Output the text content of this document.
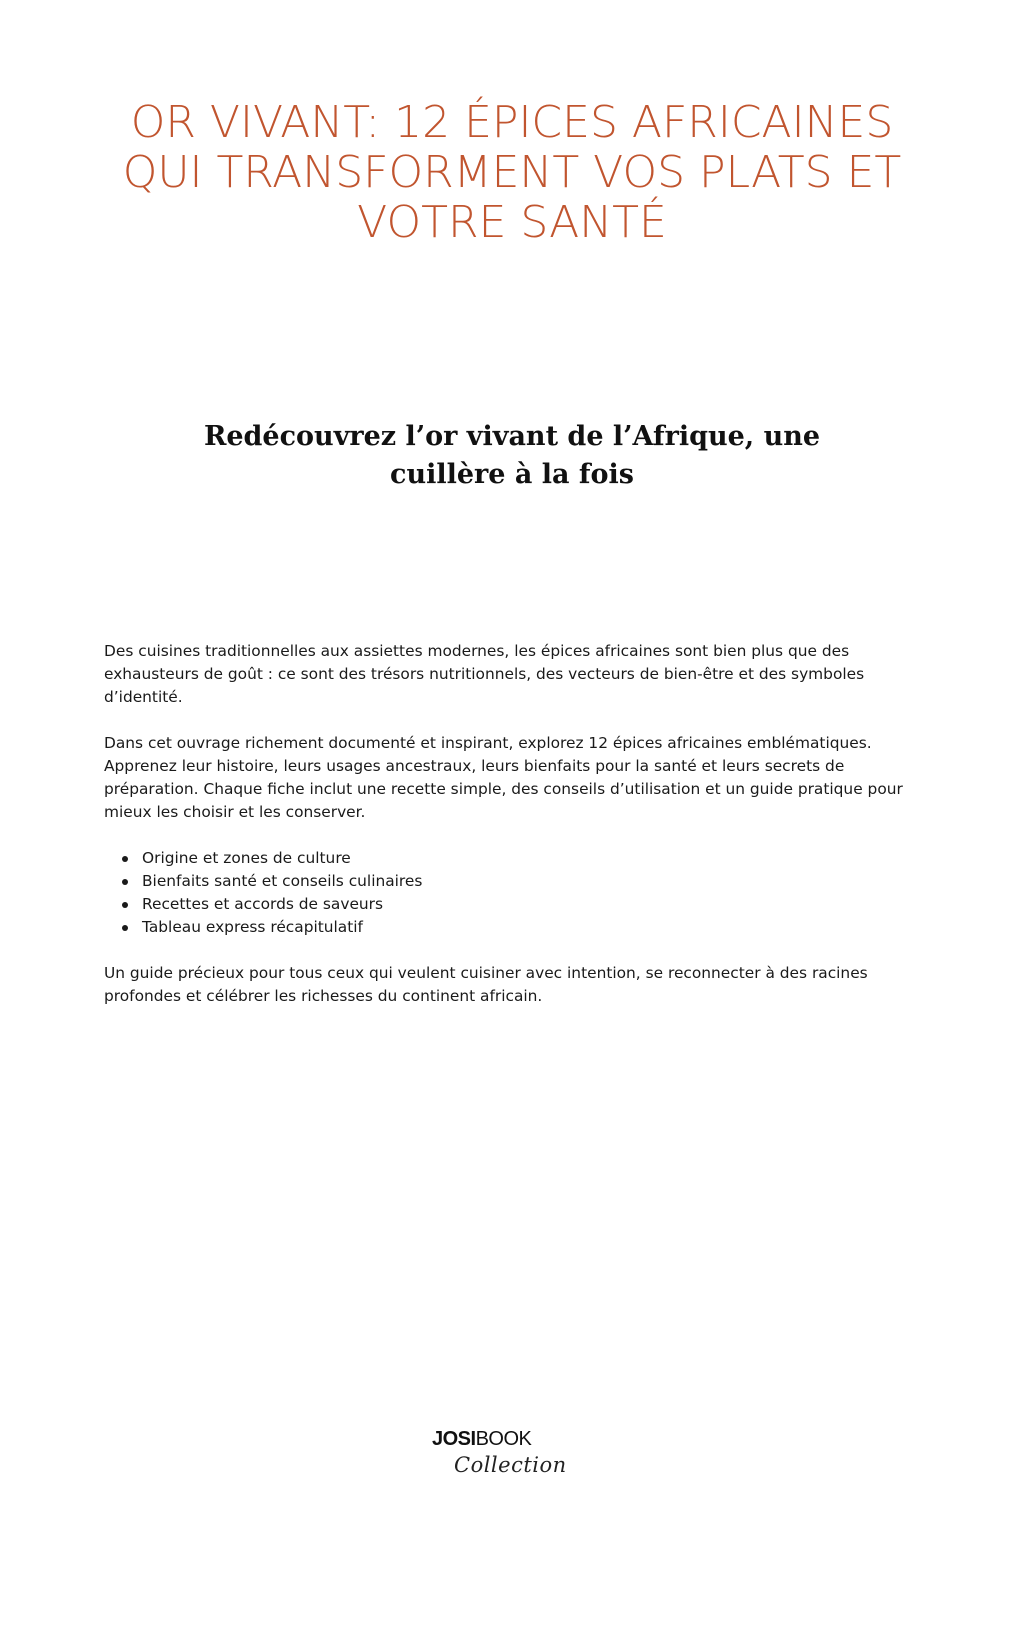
OR VIVANT: 12 ÉPICES AFRICAINES
QUI TRANSFORMENT VOS PLATS ET
VOTRE SANTÉ
Redécouvrez l’or vivant de l’Afrique, une
cuillère à la fois

Des cuisines traditionnelles aux assiettes modernes, les épices africaines sont bien plus que des exhausteurs de goût : ce sont des trésors nutritionnels, des vecteurs de bien-être et des symboles d’identité.

Dans cet ouvrage richement documenté et inspirant, explorez 12 épices africaines emblématiques. Apprenez leur histoire, leurs usages ancestraux, leurs bienfaits pour la santé et leurs secrets de préparation. Chaque fiche inclut une recette simple, des conseils d’utilisation et un guide pratique pour mieux les choisir et les conserver.

Origine et zones de culture
Bienfaits santé et conseils culinaires
Recettes et accords de saveurs
Tableau express récapitulatif

Un guide précieux pour tous ceux qui veulent cuisiner avec intention, se reconnecter à des racines profondes et célébrer les richesses du continent africain.

JOSIBOOK
Collection
